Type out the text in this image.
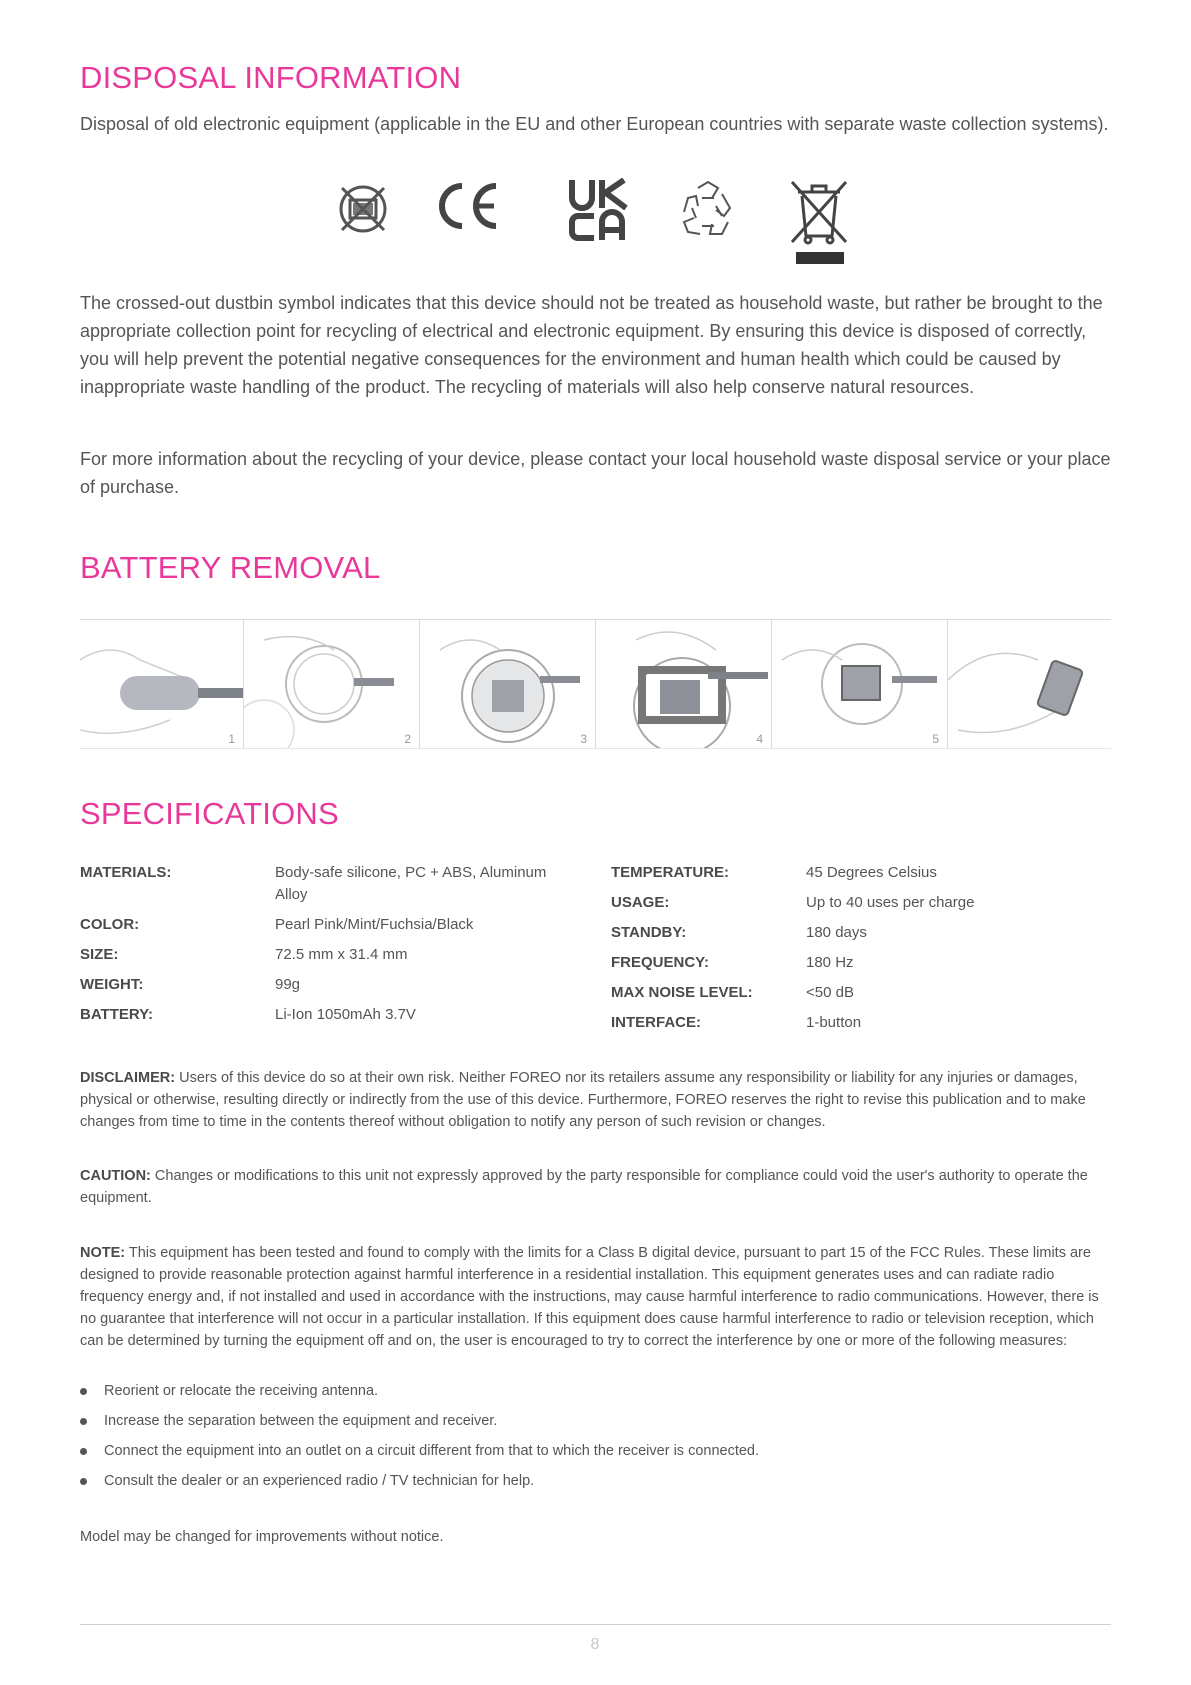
DISPOSAL INFORMATION

Disposal of old electronic equipment (applicable in the EU and other European countries with separate waste collection systems).

The crossed-out dustbin symbol indicates that this device should not be treated as household waste, but rather be brought to the appropriate collection point for recycling of electrical and electronic equipment. By ensuring this device is disposed of correctly, you will help prevent the potential negative consequences for the environment and human health which could be caused by inappropriate waste handling of the product. The recycling of materials will also help conserve natural resources.

For more information about the recycling of your device, please contact your local household waste disposal service or your place of purchase.

BATTERY REMOVAL
1	2	3	4	5
SPECIFICATIONS
MATERIALS:	Body-safe silicone, PC + ABS, Aluminum Alloy
COLOR:	Pearl Pink/Mint/Fuchsia/Black
SIZE:	72.5 mm x 31.4 mm
WEIGHT:	99g
BATTERY:	Li-Ion 1050mAh 3.7V
TEMPERATURE:	45 Degrees Celsius
USAGE:	Up to 40 uses per charge
STANDBY:	180 days
FREQUENCY:	180 Hz
MAX NOISE LEVEL:	<50 dB
INTERFACE:	1-button

DISCLAIMER: Users of this device do so at their own risk. Neither FOREO nor its retailers assume any responsibility or liability for any injuries or damages, physical or otherwise, resulting directly or indirectly from the use of this device. Furthermore, FOREO reserves the right to revise this publication and to make changes from time to time in the contents thereof without obligation to notify any person of such revision or changes.

CAUTION: Changes or modifications to this unit not expressly approved by the party responsible for compliance could void the user's authority to operate the equipment.

NOTE: This equipment has been tested and found to comply with the limits for a Class B digital device, pursuant to part 15 of the FCC Rules. These limits are designed to provide reasonable protection against harmful interference in a residential installation. This equipment generates uses and can radiate radio frequency energy and, if not installed and used in accordance with the instructions, may cause harmful interference to radio communications. However, there is no guarantee that interference will not occur in a particular installation. If this equipment does cause harmful interference to radio or television reception, which can be determined by turning the equipment off and on, the user is encouraged to try to correct the interference by one or more of the following measures:

Reorient or relocate the receiving antenna.
Increase the separation between the equipment and receiver.
Connect the equipment into an outlet on a circuit different from that to which the receiver is connected.
Consult the dealer or an experienced radio / TV technician for help.

Model may be changed for improvements without notice.

8
